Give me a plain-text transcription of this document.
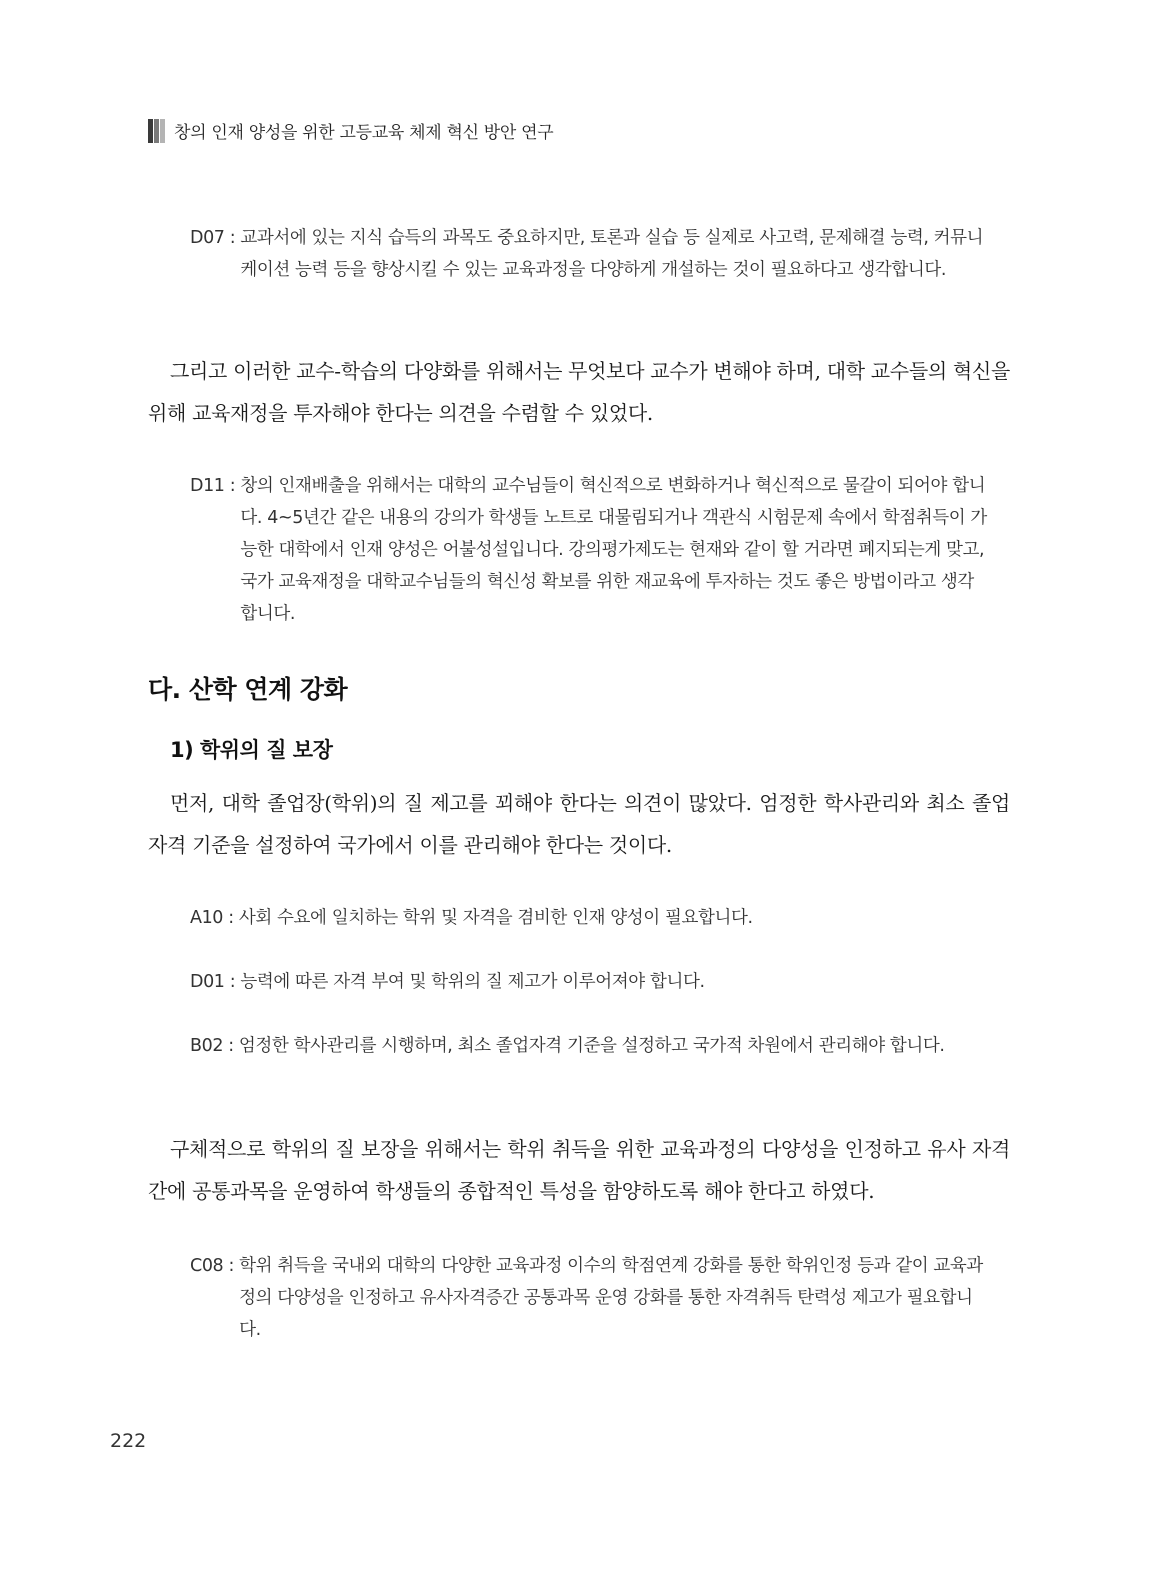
창의 인재 양성을 위한 고등교육 체제 혁신 방안 연구
D07 : 교과서에 있는 지식 습득의 과목도 중요하지만, 토론과 실습 등 실제로 사고력, 문제해결 능력, 커뮤니케이션 능력 등을 향상시킬 수 있는 교육과정을 다양하게 개설하는 것이 필요하다고 생각합니다.
그리고 이러한 교수-학습의 다양화를 위해서는 무엇보다 교수가 변해야 하며, 대학 교수들의 혁신을 위해 교육재정을 투자해야 한다는 의견을 수렴할 수 있었다.
D11 : 창의 인재배출을 위해서는 대학의 교수님들이 혁신적으로 변화하거나 혁신적으로 물갈이 되어야 합니다. 4~5년간 같은 내용의 강의가 학생들 노트로 대물림되거나 객관식 시험문제 속에서 학점취득이 가능한 대학에서 인재 양성은 어불성설입니다. 강의평가제도는 현재와 같이 할 거라면 폐지되는게 맞고, 국가 교육재정을 대학교수님들의 혁신성 확보를 위한 재교육에 투자하는 것도 좋은 방법이라고 생각합니다.
다. 산학 연계 강화
1) 학위의 질 보장
먼저, 대학 졸업장(학위)의 질 제고를 꾀해야 한다는 의견이 많았다. 엄정한 학사관리와 최소 졸업자격 기준을 설정하여 국가에서 이를 관리해야 한다는 것이다.
A10 : 사회 수요에 일치하는 학위 및 자격을 겸비한 인재 양성이 필요합니다.
D01 : 능력에 따른 자격 부여 및 학위의 질 제고가 이루어져야 합니다.
B02 : 엄정한 학사관리를 시행하며, 최소 졸업자격 기준을 설정하고 국가적 차원에서 관리해야 합니다.
구체적으로 학위의 질 보장을 위해서는 학위 취득을 위한 교육과정의 다양성을 인정하고 유사 자격 간에 공통과목을 운영하여 학생들의 종합적인 특성을 함양하도록 해야 한다고 하였다.
C08 : 학위 취득을 국내외 대학의 다양한 교육과정 이수의 학점연계 강화를 통한 학위인정 등과 같이 교육과정의 다양성을 인정하고 유사자격증간 공통과목 운영 강화를 통한 자격취득 탄력성 제고가 필요합니다.
222
